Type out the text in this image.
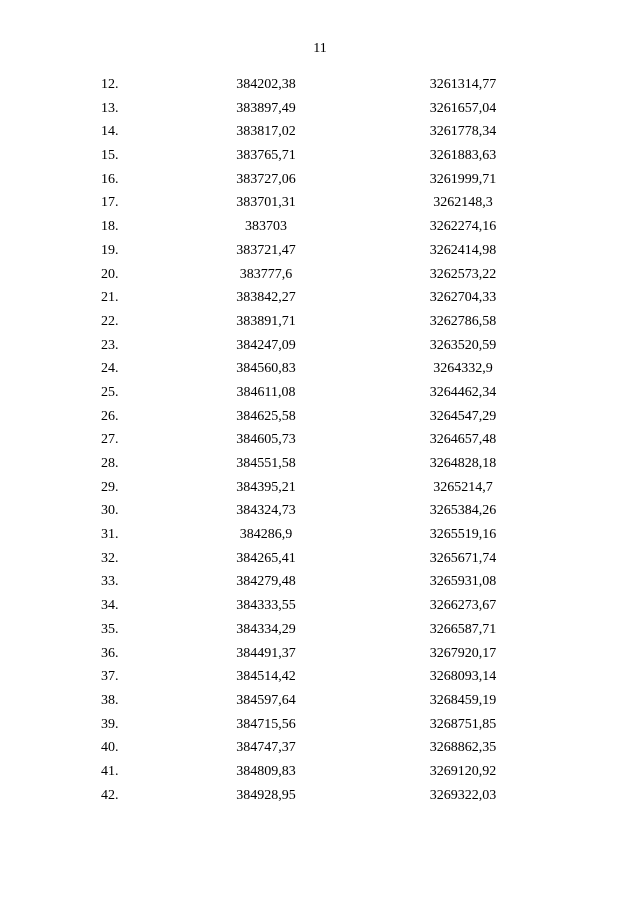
11
12.	384202,38	3261314,77
13.	383897,49	3261657,04
14.	383817,02	3261778,34
15.	383765,71	3261883,63
16.	383727,06	3261999,71
17.	383701,31	3262148,3
18.	383703	3262274,16
19.	383721,47	3262414,98
20.	383777,6	3262573,22
21.	383842,27	3262704,33
22.	383891,71	3262786,58
23.	384247,09	3263520,59
24.	384560,83	3264332,9
25.	384611,08	3264462,34
26.	384625,58	3264547,29
27.	384605,73	3264657,48
28.	384551,58	3264828,18
29.	384395,21	3265214,7
30.	384324,73	3265384,26
31.	384286,9	3265519,16
32.	384265,41	3265671,74
33.	384279,48	3265931,08
34.	384333,55	3266273,67
35.	384334,29	3266587,71
36.	384491,37	3267920,17
37.	384514,42	3268093,14
38.	384597,64	3268459,19
39.	384715,56	3268751,85
40.	384747,37	3268862,35
41.	384809,83	3269120,92
42.	384928,95	3269322,03
